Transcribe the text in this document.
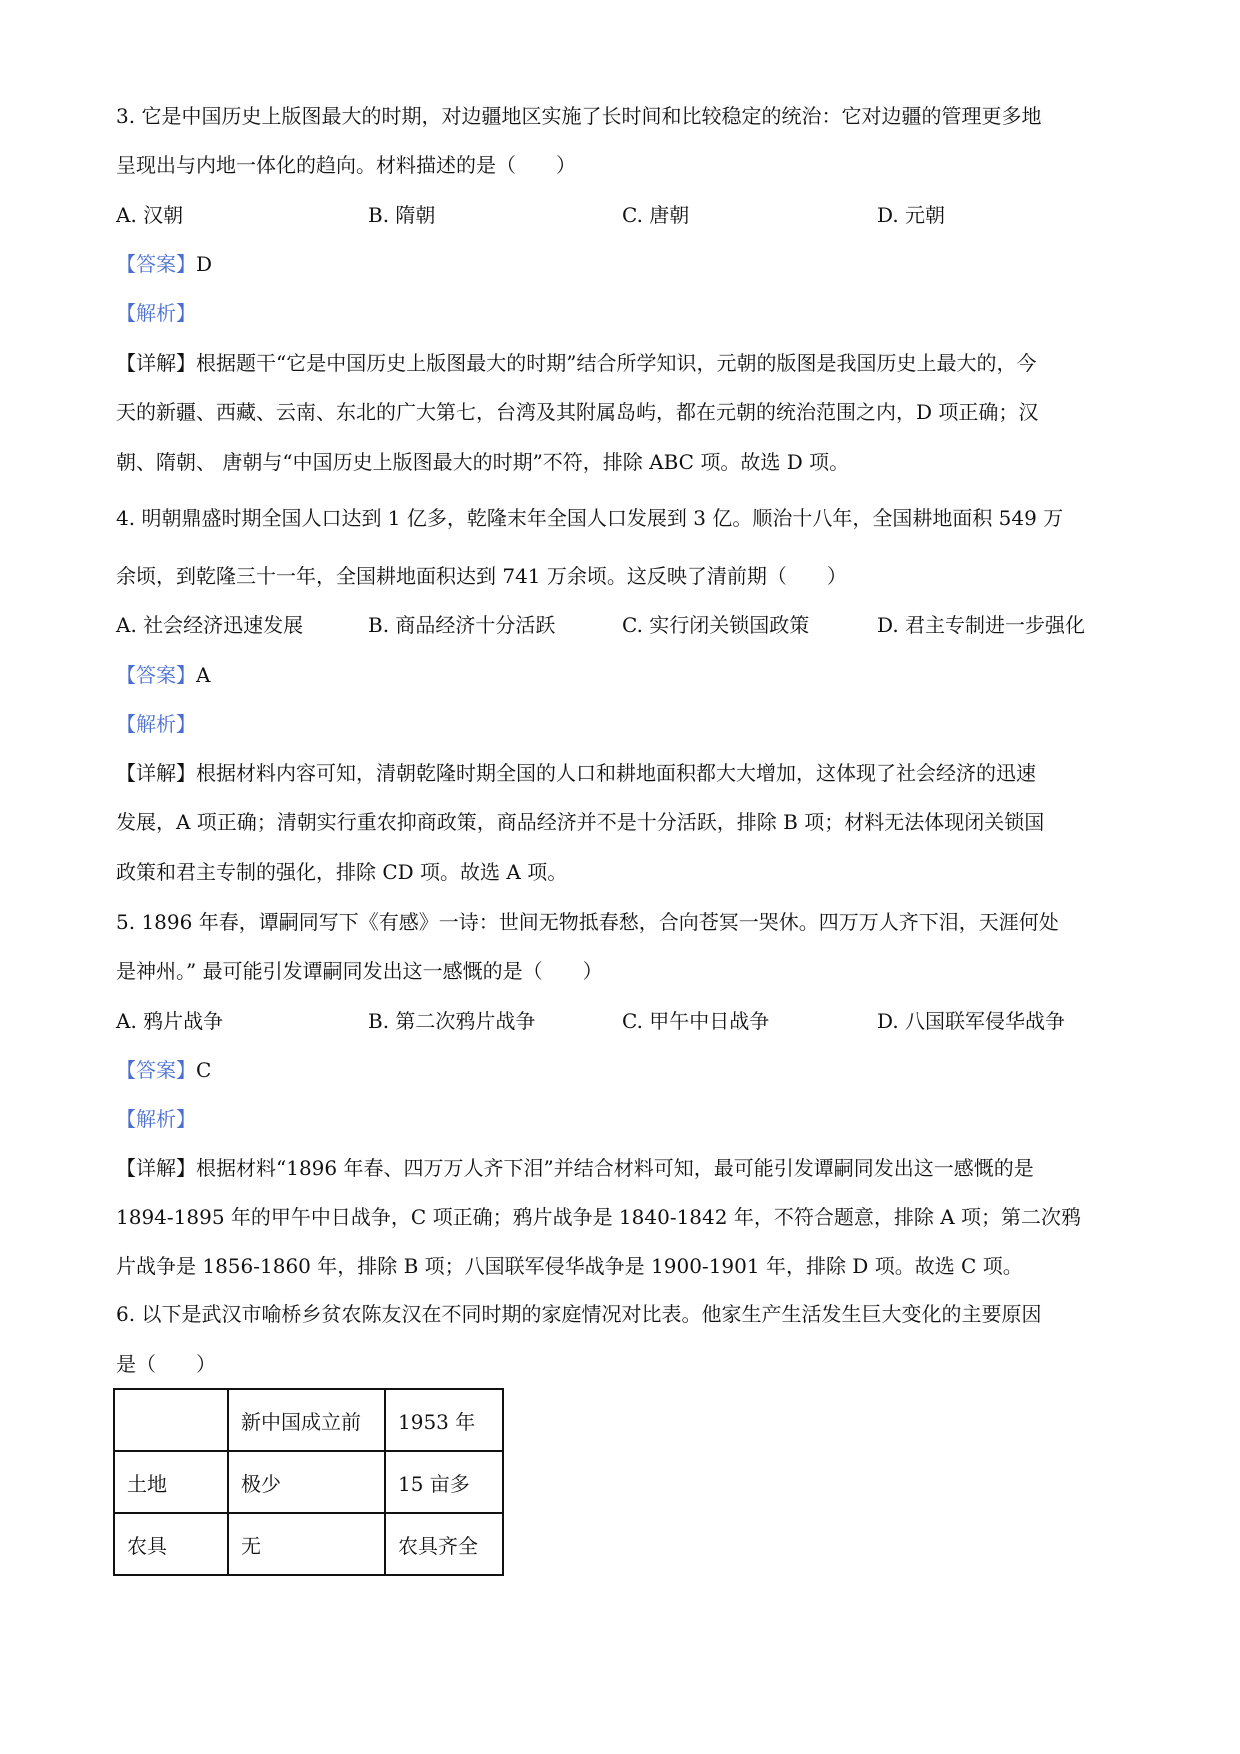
3. 它是中国历史上版图最大的时期，对边疆地区实施了长时间和比较稳定的统治：它对边疆的管理更多地
呈现出与内地一体化的趋向。材料描述的是（　　）
A. 汉朝	B. 隋朝	C. 唐朝	D. 元朝
【答案】D
【解析】
【详解】根据题干“它是中国历史上版图最大的时期”结合所学知识，元朝的版图是我国历史上最大的，今
天的新疆、西藏、云南、东北的广大第七，台湾及其附属岛屿，都在元朝的统治范围之内，D 项正确；汉
朝、隋朝、 唐朝与“中国历史上版图最大的时期”不符，排除 ABC 项。故选 D 项。
4. 明朝鼎盛时期全国人口达到 1 亿多，乾隆末年全国人口发展到 3 亿。顺治十八年，全国耕地面积 549 万
余顷，到乾隆三十一年，全国耕地面积达到 741 万余顷。这反映了清前期（　　）
A. 社会经济迅速发展	B. 商品经济十分活跃	C. 实行闭关锁国政策	D. 君主专制进一步强化
【答案】A
【解析】
【详解】根据材料内容可知，清朝乾隆时期全国的人口和耕地面积都大大增加，这体现了社会经济的迅速
发展，A 项正确；清朝实行重农抑商政策，商品经济并不是十分活跃，排除 B 项；材料无法体现闭关锁国
政策和君主专制的强化，排除 CD 项。故选 A 项。
5. 1896 年春，谭嗣同写下《有感》一诗：世间无物抵春愁，合向苍冥一哭休。四万万人齐下泪，天涯何处
是神州。” 最可能引发谭嗣同发出这一感慨的是（　　）
A. 鸦片战争	B. 第二次鸦片战争	C. 甲午中日战争	D. 八国联军侵华战争
【答案】C
【解析】
【详解】根据材料“1896 年春、四万万人齐下泪”并结合材料可知，最可能引发谭嗣同发出这一感慨的是
1894-1895 年的甲午中日战争，C 项正确；鸦片战争是 1840-1842 年，不符合题意，排除 A 项；第二次鸦
片战争是 1856-1860 年，排除 B 项；八国联军侵华战争是 1900-1901 年，排除 D 项。故选 C 项。
6. 以下是武汉市喻桥乡贫农陈友汉在不同时期的家庭情况对比表。他家生产生活发生巨大变化的主要原因
是（　　）
	新中国成立前	1953 年
土地	极少	15 亩多
农具	无	农具齐全
